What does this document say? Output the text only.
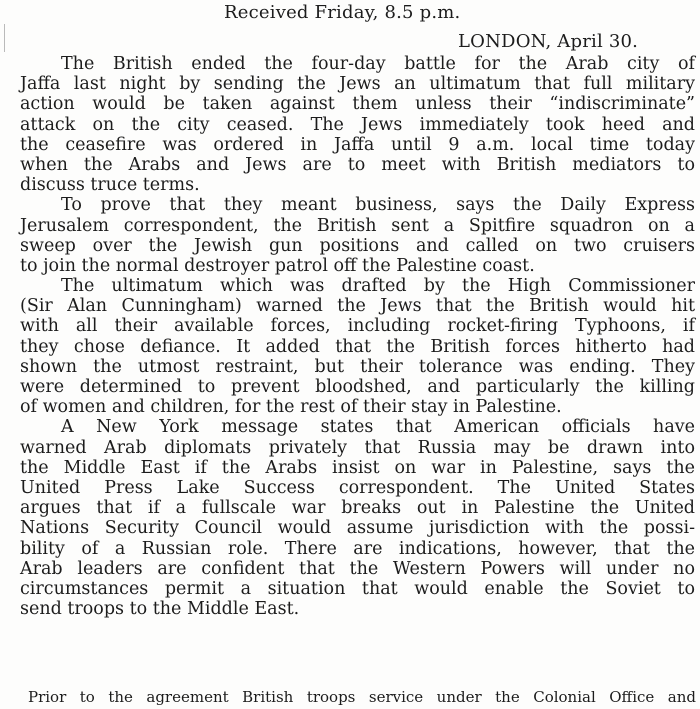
Received Friday, 8.5 p.m.
LONDON, April 30.
The British ended the four-day battle for the Arab city of
Jaffa last night by sending the Jews an ultimatum that full military
action would be taken against them unless their “indiscriminate”
attack on the city ceased. The Jews immediately took heed and
the ceasefire was ordered in Jaffa until 9 a.m. local time today
when the Arabs and Jews are to meet with British mediators to
discuss truce terms.
To prove that they meant business, says the Daily Express
Jerusalem correspondent, the British sent a Spitfire squadron on a
sweep over the Jewish gun positions and called on two cruisers
to join the normal destroyer patrol off the Palestine coast.
The ultimatum which was drafted by the High Commissioner
(Sir Alan Cunningham) warned the Jews that the British would hit
with all their available forces, including rocket-firing Typhoons, if
they chose defiance. It added that the British forces hitherto had
shown the utmost restraint, but their tolerance was ending. They
were determined to prevent bloodshed, and particularly the killing
of women and children, for the rest of their stay in Palestine.
A New York message states that American officials have
warned Arab diplomats privately that Russia may be drawn into
the Middle East if the Arabs insist on war in Palestine, says the
United Press Lake Success correspondent. The United States
argues that if a fullscale war breaks out in Palestine the United
Nations Security Council would assume jurisdiction with the possi-
bility of a Russian role. There are indications, however, that the
Arab leaders are confident that the Western Powers will under no
circumstances permit a situation that would enable the Soviet to
send troops to the Middle East.
Prior to the agreement British troops service under the Colonial Office and
